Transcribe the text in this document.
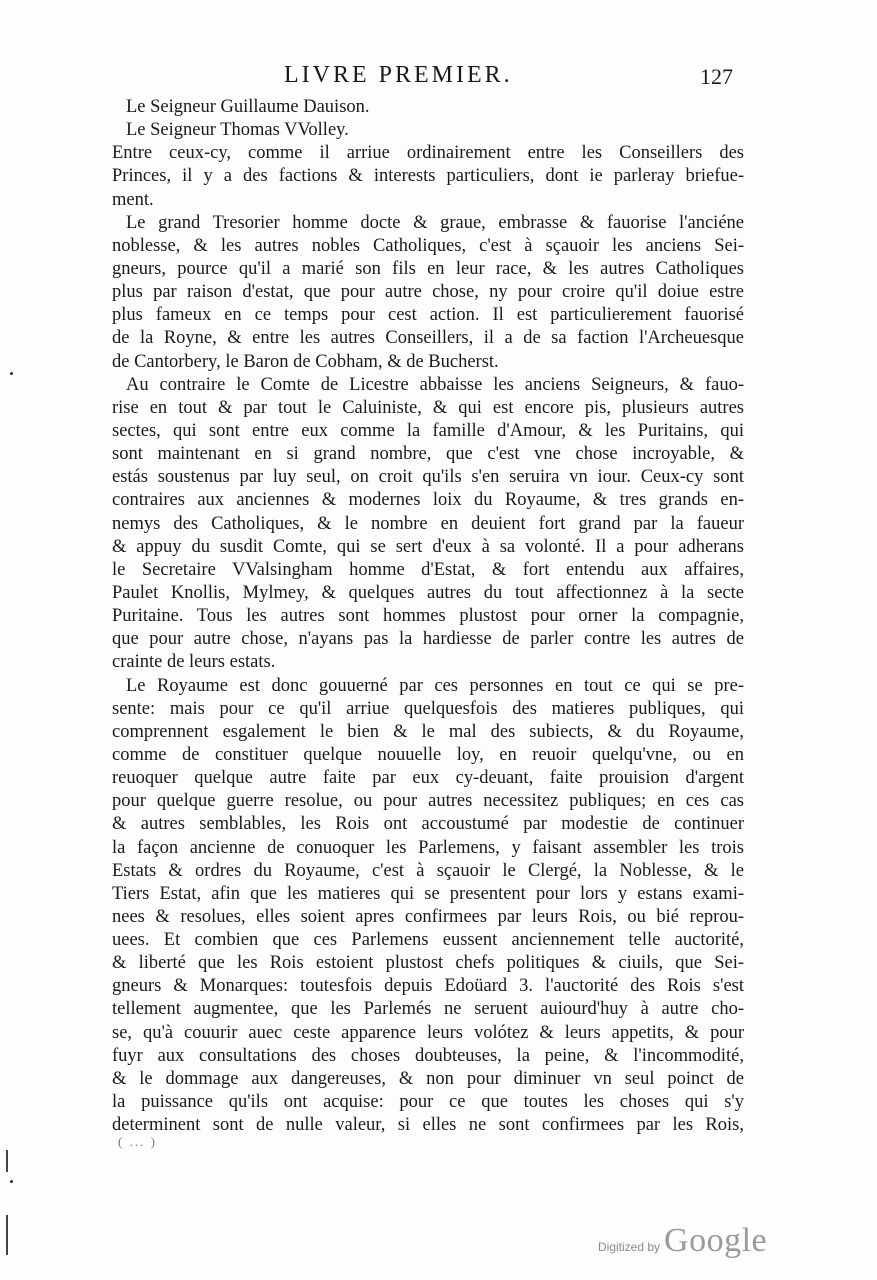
LIVRE PREMIER.	127
Le Seigneur Guillaume Dauison.
Le Seigneur Thomas VVolley.
Entre ceux-cy, comme il arriue ordinairement entre les Conseillers des
Princes, il y a des factions & interests particuliers, dont ie parleray briefue-
ment.
Le grand Tresorier homme docte & graue, embrasse & fauorise l'anciéne
noblesse, & les autres nobles Catholiques, c'est à sçauoir les anciens Sei-
gneurs, pource qu'il a marié son fils en leur race, & les autres Catholiques
plus par raison d'estat, que pour autre chose, ny pour croire qu'il doiue estre
plus fameux en ce temps pour cest action. Il est particulierement fauorisé
de la Royne, & entre les autres Conseillers, il a de sa faction l'Archeuesque
de Cantorbery, le Baron de Cobham, & de Bucherst.
Au contraire le Comte de Licestre abbaisse les anciens Seigneurs, & fauo-
rise en tout & par tout le Caluiniste, & qui est encore pis, plusieurs autres
sectes, qui sont entre eux comme la famille d'Amour, & les Puritains, qui
sont maintenant en si grand nombre, que c'est vne chose incroyable, &
estás soustenus par luy seul, on croit qu'ils s'en seruira vn iour. Ceux-cy sont
contraires aux anciennes & modernes loix du Royaume, & tres grands en-
nemys des Catholiques, & le nombre en deuient fort grand par la faueur
& appuy du susdit Comte, qui se sert d'eux à sa volonté. Il a pour adherans
le Secretaire VValsingham homme d'Estat, & fort entendu aux affaires,
Paulet Knollis, Mylmey, & quelques autres du tout affectionnez à la secte
Puritaine. Tous les autres sont hommes plustost pour orner la compagnie,
que pour autre chose, n'ayans pas la hardiesse de parler contre les autres de
crainte de leurs estats.
Le Royaume est donc gouuerné par ces personnes en tout ce qui se pre-
sente: mais pour ce qu'il arriue quelquesfois des matieres publiques, qui
comprennent esgalement le bien & le mal des subiects, & du Royaume,
comme de constituer quelque nouuelle loy, en reuoir quelqu'vne, ou en
reuoquer quelque autre faite par eux cy-deuant, faite prouision d'argent
pour quelque guerre resolue, ou pour autres necessitez publiques; en ces cas
& autres semblables, les Rois ont accoustumé par modestie de continuer
la façon ancienne de conuoquer les Parlemens, y faisant assembler les trois
Estats & ordres du Royaume, c'est à sçauoir le Clergé, la Noblesse, & le
Tiers Estat, afin que les matieres qui se presentent pour lors y estans exami-
nees & resolues, elles soient apres confirmees par leurs Rois, ou bié reprou-
uees. Et combien que ces Parlemens eussent anciennement telle auctorité,
& liberté que les Rois estoient plustost chefs politiques & ciuils, que Sei-
gneurs & Monarques: toutesfois depuis Edoüard 3. l'auctorité des Rois s'est
tellement augmentee, que les Parlemés ne seruent auiourd'huy à autre cho-
se, qu'à couurir auec ceste apparence leurs volótez & leurs appetits, & pour
fuyr aux consultations des choses doubteuses, la peine, & l'incommodité,
& le dommage aux dangereuses, & non pour diminuer vn seul poinct de
la puissance qu'ils ont acquise: pour ce que toutes les choses qui s'y
determinent sont de nulle valeur, si elles ne sont confirmees par les Rois,
( ... )
Digitized by Google
